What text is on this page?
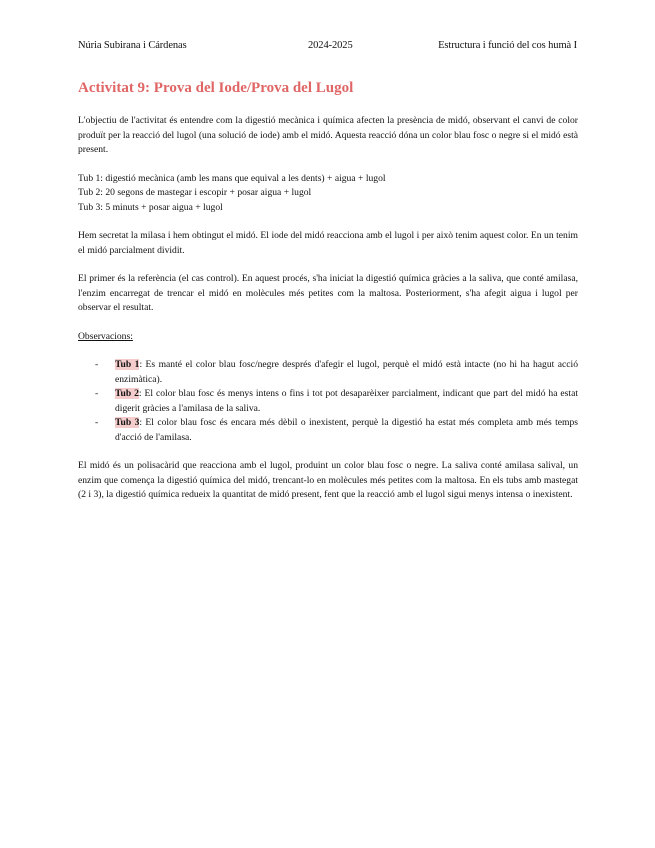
Núria Subirana i Cárdenas	2024-2025	Estructura i funció del cos humà I
Activitat 9: Prova del Iode/Prova del Lugol

L'objectiu de l'activitat és entendre com la digestió mecànica i química afecten la presència de midó, observant el canvi de color produït per la reacció del lugol (una solució de iode) amb el midó. Aquesta reacció dóna un color blau fosc o negre si el midó està present.

Tub 1: digestió mecànica (amb les mans que equival a les dents) + aigua + lugol

Tub 2: 20 segons de mastegar i escopir + posar aigua + lugol

Tub 3: 5 minuts + posar aigua + lugol

Hem secretat la milasa i hem obtingut el midó. El iode del midó reacciona amb el lugol i per això tenim aquest color. En un tenim el midó parcialment dividit.

El primer és la referència (el cas control). En aquest procés, s'ha iniciat la digestió química gràcies a la saliva, que conté amilasa, l'enzim encarregat de trencar el midó en molècules més petites com la maltosa. Posteriorment, s'ha afegit aigua i lugol per observar el resultat.

Observacions:
- Tub 1: Es manté el color blau fosc/negre després d'afegir el lugol, perquè el midó està intacte (no hi ha hagut acció enzimàtica).
- Tub 2: El color blau fosc és menys intens o fins i tot pot desaparèixer parcialment, indicant que part del midó ha estat digerit gràcies a l'amilasa de la saliva.
- Tub 3: El color blau fosc és encara més dèbil o inexistent, perquè la digestió ha estat més completa amb més temps d'acció de l'amilasa.

El midó és un polisacàrid que reacciona amb el lugol, produint un color blau fosc o negre. La saliva conté amilasa salival, un enzim que comença la digestió química del midó, trencant-lo en molècules més petites com la maltosa. En els tubs amb mastegat (2 i 3), la digestió química redueix la quantitat de midó present, fent que la reacció amb el lugol sigui menys intensa o inexistent.
